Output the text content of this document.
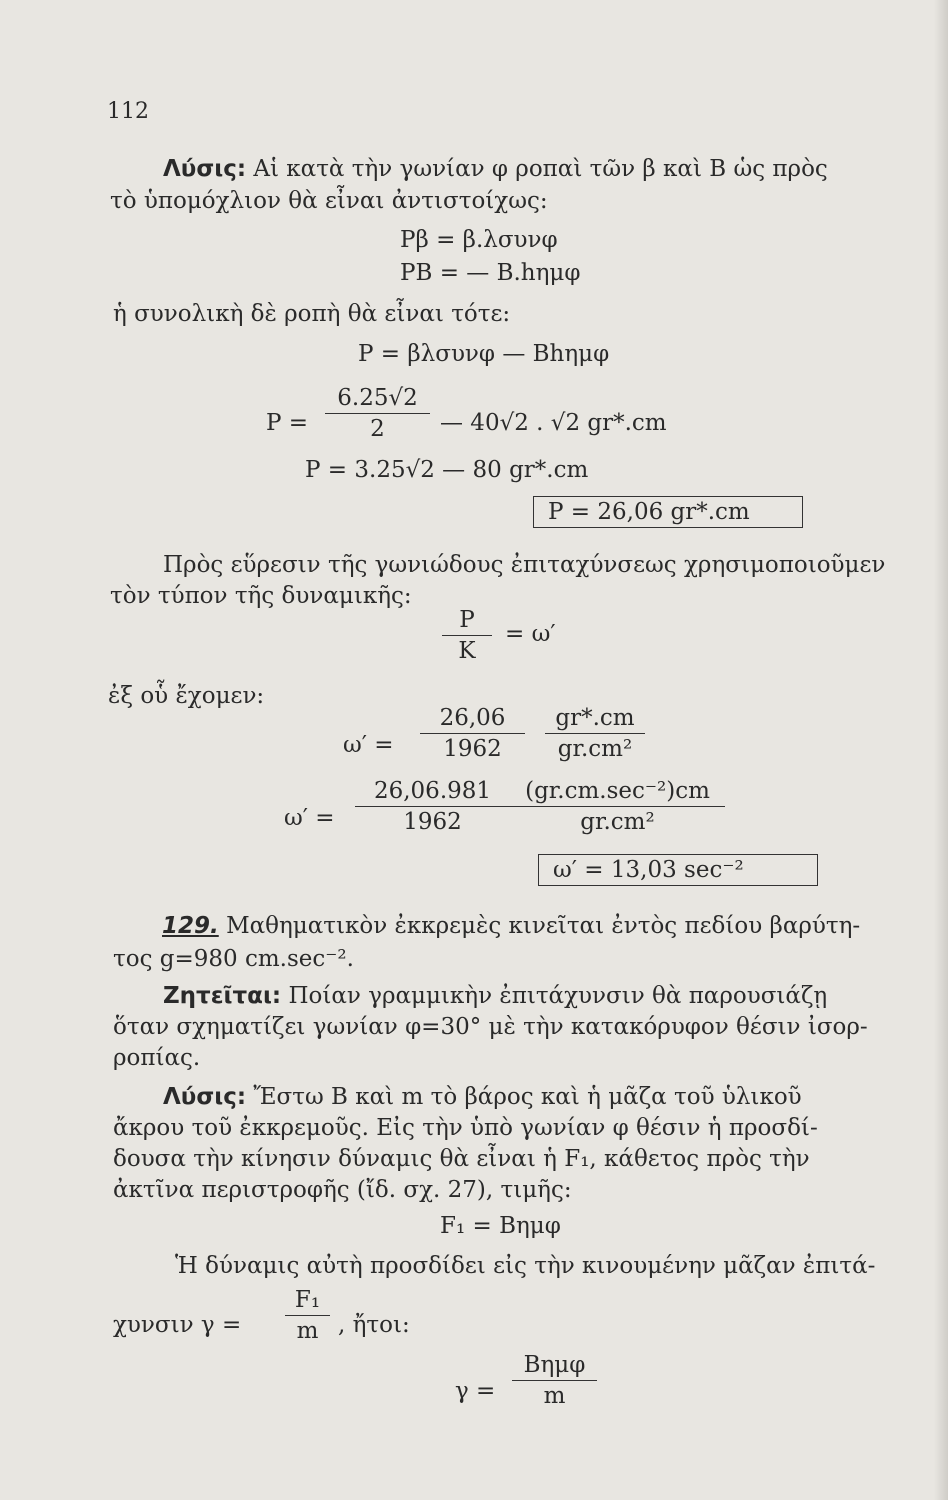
112
Λύσις: Αἱ κατὰ τὴν γωνίαν φ ροπαὶ τῶν β καὶ Β ὡς πρὸς
τὸ ὑπομόχλιον θὰ εἶναι ἀντιστοίχως:
Pβ = β.λσυνφ
PB = — B.hημφ
ἡ συνολικὴ δὲ ροπὴ θὰ εἶναι τότε:
P = βλσυνφ — Bhημφ
P =
6.25√2
2	— 40√2 . √2 gr*.cm
P = 3.25√2 — 80 gr*.cm
P = 26,06 gr*.cm
Πρὸς εὕρεσιν τῆς γωνιώδους ἐπιταχύνσεως χρησιμοποιοῦμεν
τὸν τύπον τῆς δυναμικῆς:
P
K
= ω′
ἐξ οὗ ἔχομεν:
ω′ =
26,06
1962
gr*.cm
gr.cm²
ω′ =
26,06.981
1962
(gr.cm.sec⁻²)cm
gr.cm²
ω′ = 13,03 sec⁻²
129. Μαθηματικὸν ἐκκρεμὲς κινεῖται ἐντὸς πεδίου βαρύτη-
τος g=980 cm.sec⁻².
Ζητεῖται: Ποίαν γραμμικὴν ἐπιτάχυνσιν θὰ παρουσιάζῃ
ὅταν σχηματίζει γωνίαν φ=30° μὲ τὴν κατακόρυφον θέσιν ἰσορ-
ροπίας.
Λύσις: Ἔστω B καὶ m τὸ βάρος καὶ ἡ μᾶζα τοῦ ὑλικοῦ
ἄκρου τοῦ ἐκκρεμοῦς. Εἰς τὴν ὑπὸ γωνίαν φ θέσιν ἡ προσδί-
δουσα τὴν κίνησιν δύναμις θὰ εἶναι ἡ F₁, κάθετος πρὸς τὴν
ἀκτῖνα περιστροφῆς (ἴδ. σχ. 27), τιμῆς:
F₁ = Bημφ
Ἡ δύναμις αὐτὴ προσδίδει εἰς τὴν κινουμένην μᾶζαν ἐπιτά-
χυνσιν γ =
F₁
m , ἤτοι:
γ =
Bημφ
m
